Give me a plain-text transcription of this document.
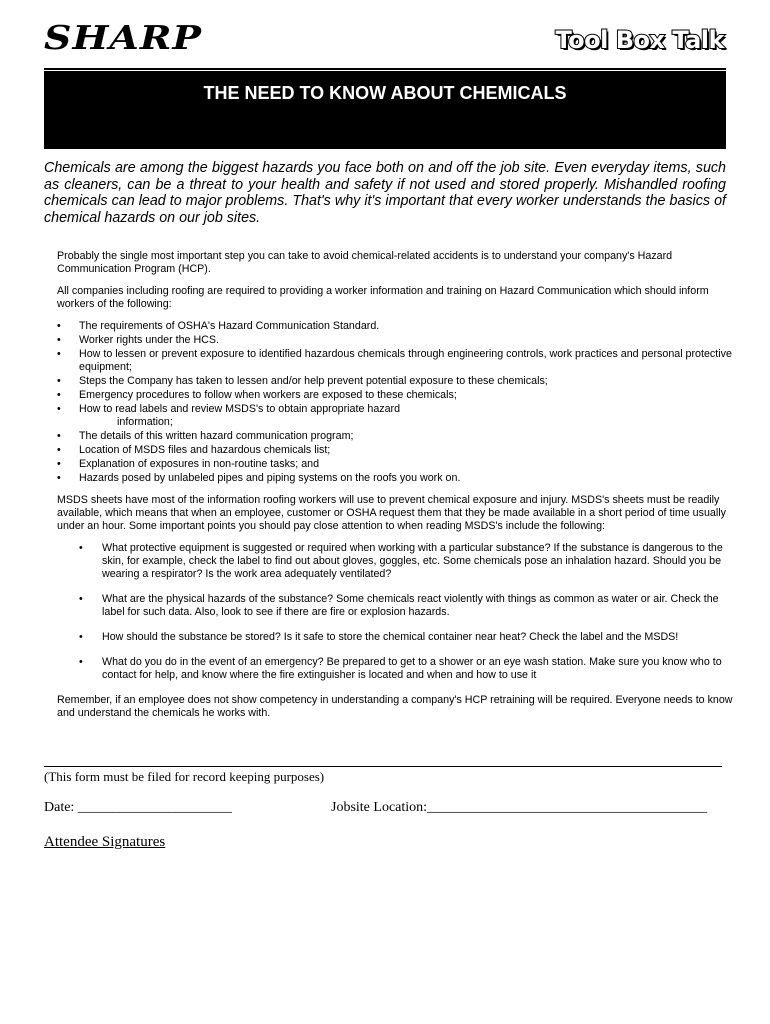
SHARP	Tool Box Talk
THE NEED TO KNOW ABOUT CHEMICALS
Chemicals are among the biggest hazards you face both on and off the job site. Even everyday items, such as cleaners, can be a threat to your health and safety if not used and stored properly. Mishandled roofing chemicals can lead to major problems. That's why it's important that every worker understands the basics of chemical hazards on our job sites.

Probably the single most important step you can take to avoid chemical-related accidents is to understand your company's Hazard Communication Program (HCP).

All companies including roofing are required to providing a worker information and training on Hazard Communication which should inform workers of the following:

• The requirements of OSHA's Hazard Communication Standard.
• Worker rights under the HCS.
• How to lessen or prevent exposure to identified hazardous chemicals through engineering controls, work practices and personal protective equipment;
• Steps the Company has taken to lessen and/or help prevent potential exposure to these chemicals;
• Emergency procedures to follow when workers are exposed to these chemicals;
• How to read labels and review MSDS's to obtain appropriate hazard
information;
• The details of this written hazard communication program;
• Location of MSDS files and hazardous chemicals list;
• Explanation of exposures in non-routine tasks; and
• Hazards posed by unlabeled pipes and piping systems on the roofs you work on.

MSDS sheets have most of the information roofing workers will use to prevent chemical exposure and injury. MSDS's sheets must be readily available, which means that when an employee, customer or OSHA request them that they be made available in a short period of time usually under an hour. Some important points you should pay close attention to when reading MSDS's include the following:

• What protective equipment is suggested or required when working with a particular substance? If the substance is dangerous to the skin, for example, check the label to find out about gloves, goggles, etc. Some chemicals pose an inhalation hazard. Should you be wearing a respirator? Is the work area adequately ventilated?
• What are the physical hazards of the substance? Some chemicals react violently with things as common as water or air. Check the label for such data. Also, look to see if there are fire or explosion hazards.
• How should the substance be stored? Is it safe to store the chemical container near heat? Check the label and the MSDS!
• What do you do in the event of an emergency? Be prepared to get to a shower or an eye wash station. Make sure you know who to contact for help, and know where the fire extinguisher is located and when and how to use it

Remember, if an employee does not show competency in understanding a company's HCP retraining will be required. Everyone needs to know and understand the chemicals he works with.

(This form must be filed for record keeping purposes)
Date: ______________________	Jobsite Location:________________________________________
Attendee Signatures
